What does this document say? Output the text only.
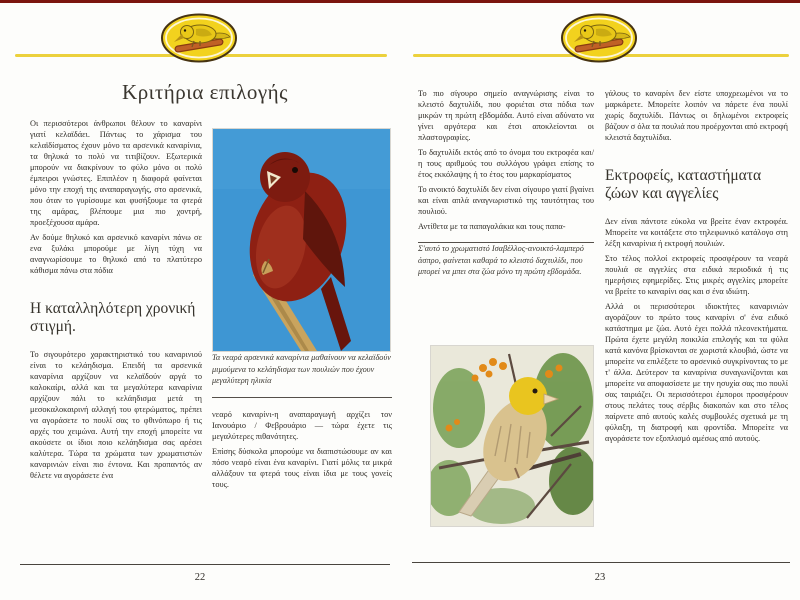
Κριτήρια επιλογής

Οι περισσότεροι άνθρωποι θέλουν το καναρίνι γιατί κελαϊδάει. Πάντως το χάρισμα του κελαϊδίσματος έχουν μόνο τα αρσενικά καναρίνια, τα θηλυκά το πολύ να τιτιβίζουν. Εξωτερικά μπορούν να διακρίνουν το φύλο μόνο οι πολύ έμπειροι γνώστες. Επιπλέον η διαφορά φαίνεται μόνο την εποχή της αναπαραγωγής, στο αρσενικά, που όταν το γυρίσουμε και φυσήξουμε τα φτερά της αμάρας, βλέπουμε μια πιο χοντρή, προεξέχουσα αμάρα.

Αν δούμε θηλυκό και αρσενικό καναρίνι πάνω σε ενα ξυλάκι μπορούμε με λίγη τύχη να αναγνωρίσουμε το θηλυκό από το πλατύτερο κάθισμα πάνω στα πόδια

Η καταλληλότερη χρονική στιγμή.

Το σιγουρότερο χαρακτηριστικό του καναρινιού είναι το κελάηδισμα. Επειδή τα αρσενικά καναρίνια αρχίζουν να κελαϊδούν αργά το καλοκαίρι, αλλά και τα μεγαλύτερα καναρίνια αρχίζουν πάλι το κελάηδισμα μετά τη μεσοκαλοκαιρινή αλλαγή του φτερώματος, πρέπει να αγοράσετε το πουλί σας το φθινόπωρο ή τις αρχές του χειμώνα. Αυτή την εποχή μπορείτε να ακούσετε οι ίδιοι ποιο κελάηδισμα σας αρέσει καλύτερα. Τώρα τα χρώματα των χρωματιστών καναρινιών είναι πιο έντονα. Και προπαντός αν θέλετε να αγοράσετε ένα

Τα νεαρά αρσενικά καναρίνια μαθαίνουν να κελαϊδούν μιμούμενα το κελάηδισμα των πουλιών που έχουν μεγαλύτερη ηλικία

νεαρό καναρίνι-η αναπαραγωγή αρχίζει τον Ιανουάριο / Φεβρουάριο — τώρα έχετε τις μεγαλύτερες πιθανότητες.

Επίσης δύσκολα μπορούμε να διαπιστώσουμε αν και πόσο νεαρό είναι ένα καναρίνι. Γιατί μόλις τα μικρά αλλάξουν τα φτερά τους είναι ίδια με τους γονείς τους.

22

Το πιο σίγουρο σημείο αναγνώρισης είναι το κλειστό δαχτυλίδι, που φοριέται στα πόδια των μικρών τη πρώτη εβδομάδα. Αυτό είναι αδύνατο να γίνει αργότερα και έτσι αποκλείονται οι πλαστογραφίες.

Το δαχτυλίδι εκτός από το όνομα του εκτροφέα και/η τους αριθμούς του συλλόγου γράφει επίσης το έτος εκκόλαψης ή το έτος του μαρκαρίσματος

Το ανοικτό δαχτυλίδι δεν είναι σίγουρο γιατί βγαίνει και είναι απλά αναγνωριστικό της ταυτότητας του πουλιού.

Αντίθετα με τα παπαγαλάκια και τους παπα-

Σ'αυτό το χρωματιστό Ισαβέλλος-ανοικτό-λαμπερό άσπρο, φαίνεται καθαρά το κλειστό δαχτυλίδι, που μπορεί να μπει στα ζώα μόνο τη πρώτη εβδομάδα.

γάλους το καναρίνι δεν είστε υποχρεωμένοι να το μαρκάρετε. Μπορείτε λοιπόν να πάρετε ένα πουλί χωρίς δαχτυλίδι. Πάντως οι δηλωμένοι εκτροφείς βάζουν σ όλα τα πουλιά που προέρχονται από εκτροφή κλειστά δαχτυλίδια.

Εκτροφείς, καταστήματα ζώων και αγγελίες

Δεν είναι πάντοτε εύκολα να βρείτε έναν εκτροφέα. Μπορείτε να κοιτάξετε στο τηλεφωνικό κατάλογο στη λέξη καναρίνια ή εκτροφή πουλιών.

Στο τέλος πολλοί εκτροφείς προσφέρουν τα νεαρά πουλιά σε αγγελίες στα ειδικά περιοδικά ή τις ημερήσιες εφημερίδες. Στις μικρές αγγελίες μπορείτε να βρείτε το καναρίνι σας και σ ένα ιδιώτη.

Αλλά οι περισσότεροι ιδιοκτήτες καναρινιών αγοράζουν το πρώτο τους καναρίνι σ' ένα ειδικό κατάστημα με ζώα. Αυτό έχει πολλά πλεονεκτήματα. Πρώτα έχετε μεγάλη ποικιλία επιλογής και τα φύλα κατά κανόνα βρίσκονται σε χωριστά κλουβιά, ώστε να μπορείτε να επιλέξετε το αρσενικό συγκρίνοντας το με τ' άλλα. Δεύτερον τα καναρίνια συναγωνίζονται και μπορείτε να αποφασίσετε με την ησυχία σας πιο πουλί σας ταιριάζει. Οι περισσότεροι έμποροι προσφέρουν στους πελάτες τους σέρβις διακοπών και στο τέλος παίρνετε από αυτούς καλές συμβουλές σχετικά με τη φύλαξη, τη διατροφή και φροντίδα. Μπορείτε να αγοράσετε τον εξοπλισμό αμέσως από αυτούς.

23
